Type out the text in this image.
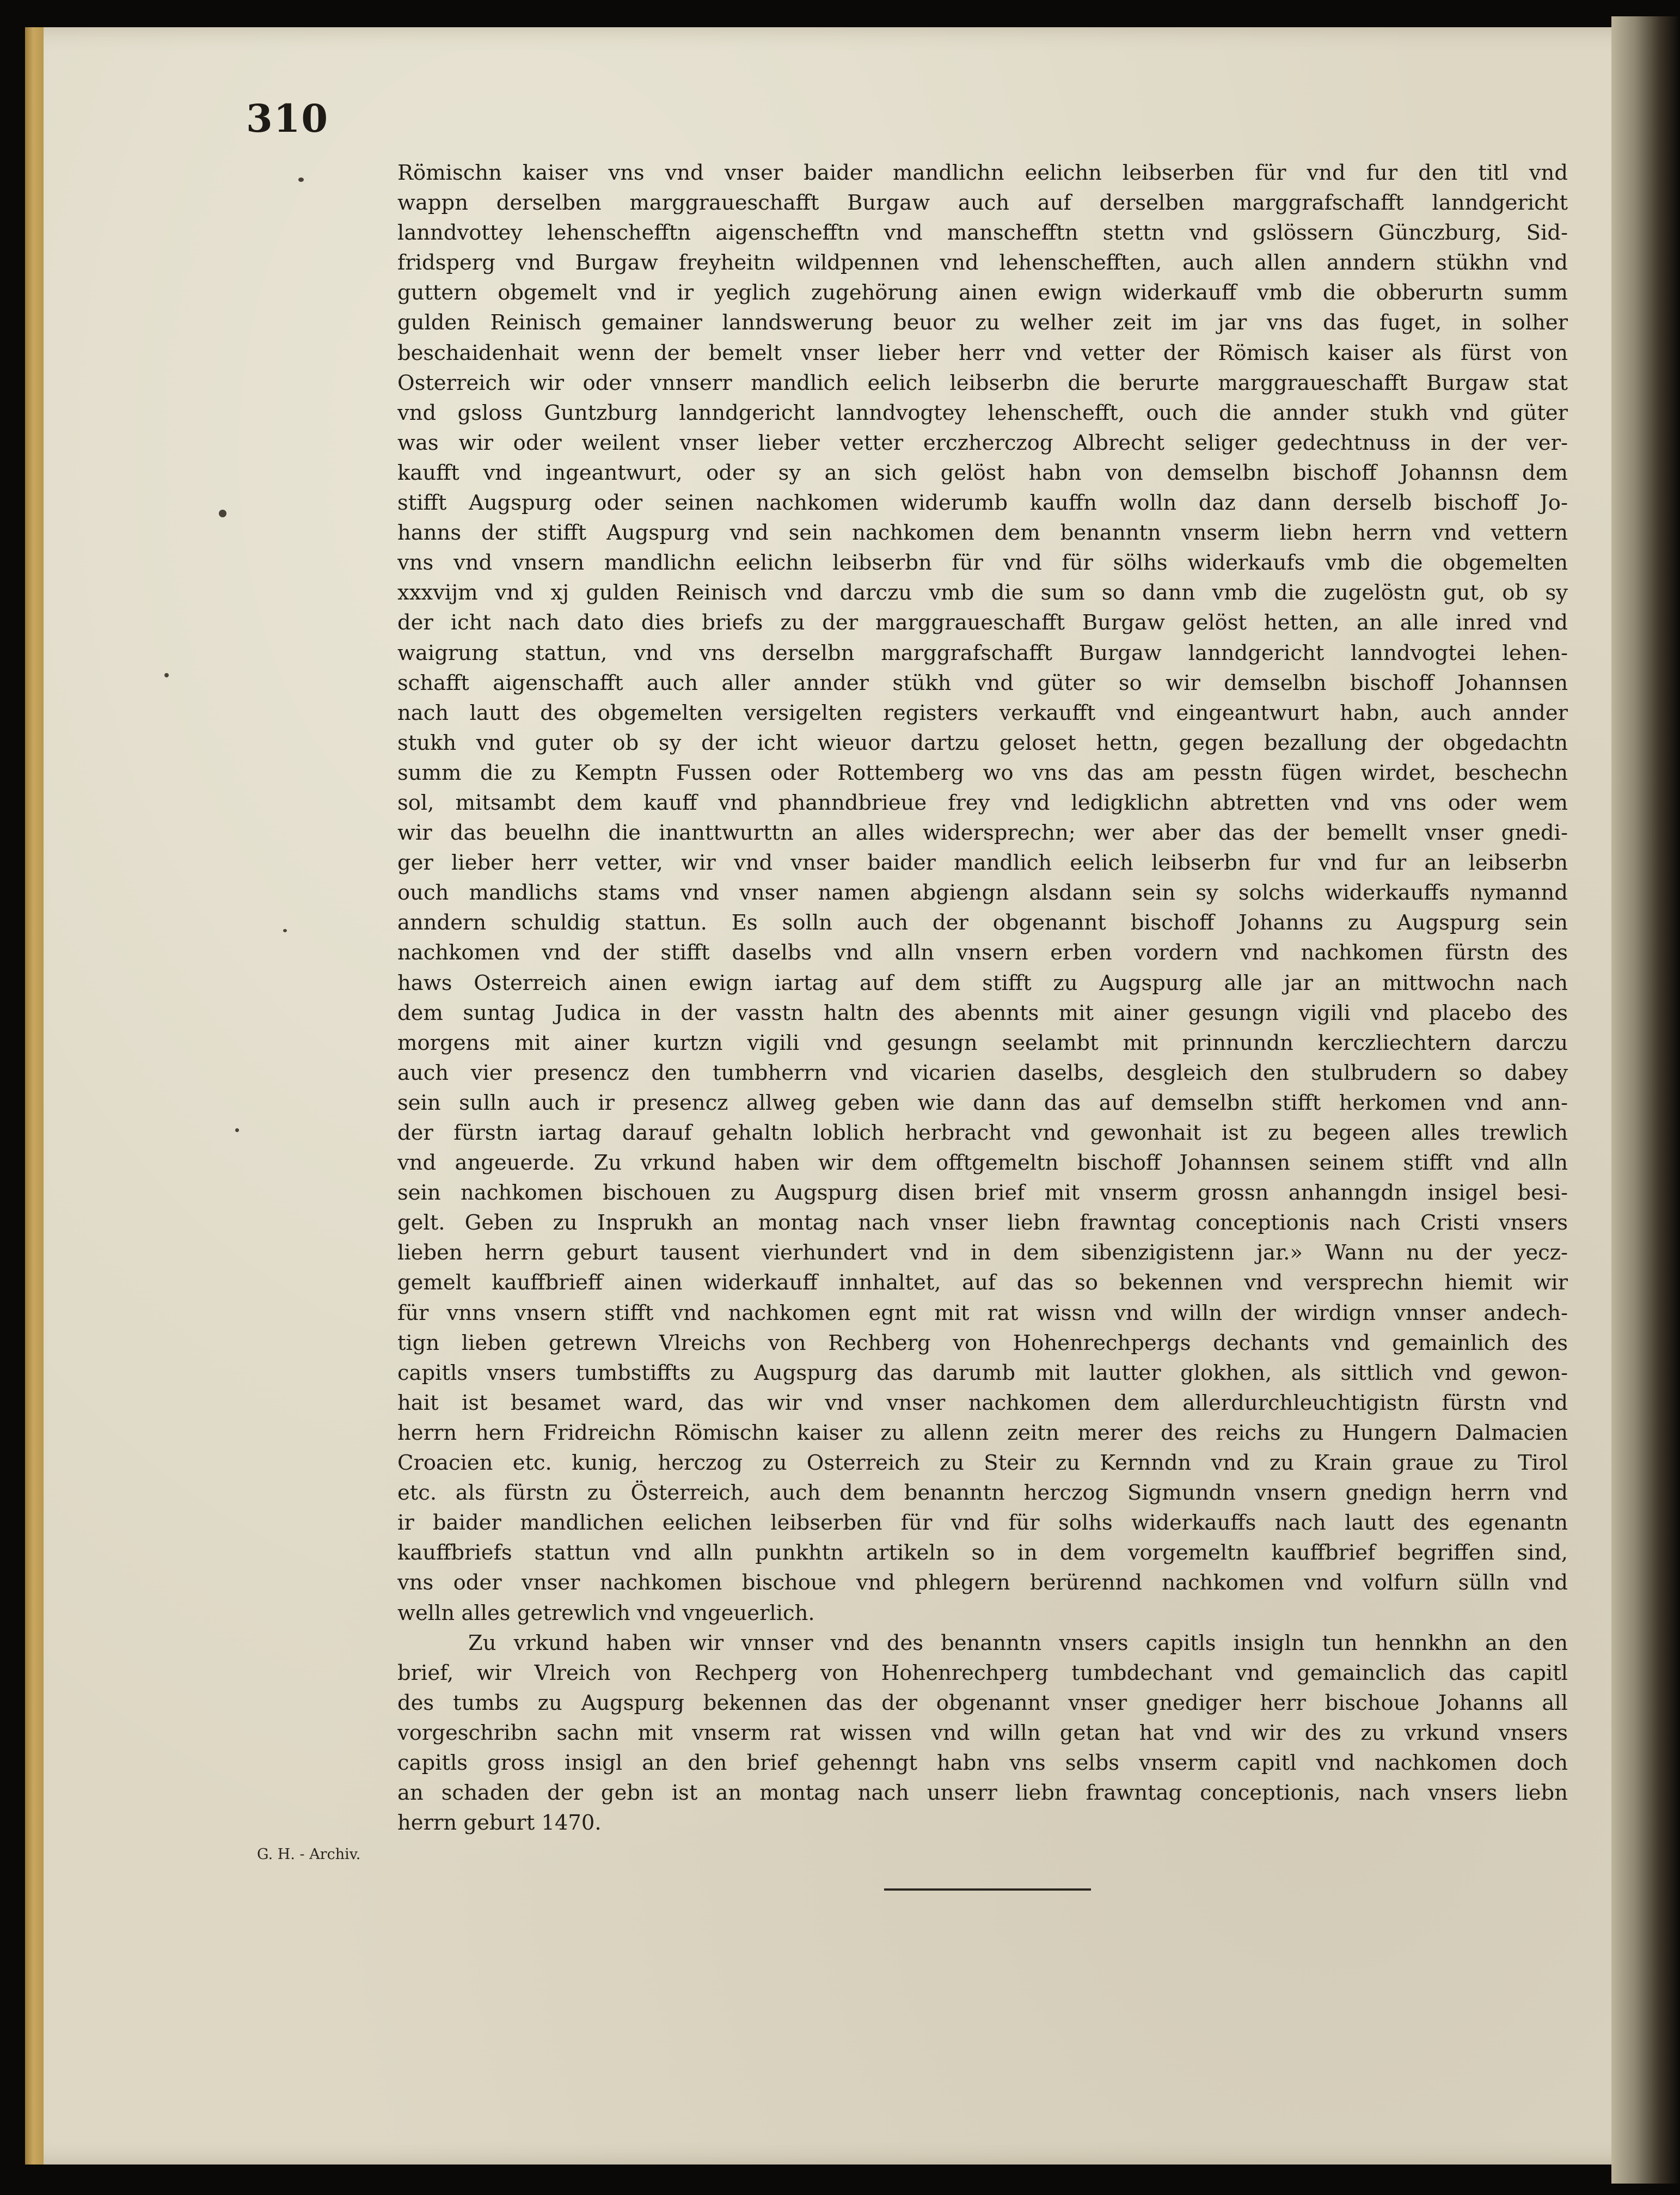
310
Römischn kaiser vns vnd vnser baider mandlichn eelichn leibserben für vnd fur den titl vnd
wappn derselben marggraueschafft Burgaw auch auf derselben marggrafschafft lanndgericht
lanndvottey lehenschefftn aigenschefftn vnd manschefftn stettn vnd gslössern Günczburg, Sid-
fridsperg vnd Burgaw freyheitn wildpennen vnd lehenschefften, auch allen anndern stükhn vnd
guttern obgemelt vnd ir yeglich zugehörung ainen ewign widerkauff vmb die obberurtn summ
gulden Reinisch gemainer lanndswerung beuor zu welher zeit im jar vns das fuget, in solher
beschaidenhait wenn der bemelt vnser lieber herr vnd vetter der Römisch kaiser als fürst von
Osterreich wir oder vnnserr mandlich eelich leibserbn die berurte marggraueschafft Burgaw stat
vnd gsloss Guntzburg lanndgericht lanndvogtey lehenschefft, ouch die annder stukh vnd güter
was wir oder weilent vnser lieber vetter erczherczog Albrecht seliger gedechtnuss in der ver-
kaufft vnd ingeantwurt, oder sy an sich gelöst habn von demselbn bischoff Johannsn dem
stifft Augspurg oder seinen nachkomen widerumb kauffn wolln daz dann derselb bischoff Jo-
hanns der stifft Augspurg vnd sein nachkomen dem benanntn vnserm liebn herrn vnd vettern
vns vnd vnsern mandlichn eelichn leibserbn für vnd für sölhs widerkaufs vmb die obgemelten
xxxvijm vnd xj gulden Reinisch vnd darczu vmb die sum so dann vmb die zugelöstn gut, ob sy
der icht nach dato dies briefs zu der marggraueschafft Burgaw gelöst hetten, an alle inred vnd
waigrung stattun, vnd vns derselbn marggrafschafft Burgaw lanndgericht lanndvogtei lehen-
schafft aigenschafft auch aller annder stükh vnd güter so wir demselbn bischoff Johannsen
nach lautt des obgemelten versigelten registers verkaufft vnd eingeantwurt habn, auch annder
stukh vnd guter ob sy der icht wieuor dartzu geloset hettn, gegen bezallung der obgedachtn
summ die zu Kemptn Fussen oder Rottemberg wo vns das am pesstn fügen wirdet, beschechn
sol, mitsambt dem kauff vnd phanndbrieue frey vnd ledigklichn abtretten vnd vns oder wem
wir das beuelhn die inanttwurttn an alles widersprechn; wer aber das der bemellt vnser gnedi-
ger lieber herr vetter, wir vnd vnser baider mandlich eelich leibserbn fur vnd fur an leibserbn
ouch mandlichs stams vnd vnser namen abgiengn alsdann sein sy solchs widerkauffs nymannd
anndern schuldig stattun. Es solln auch der obgenannt bischoff Johanns zu Augspurg sein
nachkomen vnd der stifft daselbs vnd alln vnsern erben vordern vnd nachkomen fürstn des
haws Osterreich ainen ewign iartag auf dem stifft zu Augspurg alle jar an mittwochn nach
dem suntag Judica in der vasstn haltn des abennts mit ainer gesungn vigili vnd placebo des
morgens mit ainer kurtzn vigili vnd gesungn seelambt mit prinnundn kerczliechtern darczu
auch vier presencz den tumbherrn vnd vicarien daselbs, desgleich den stulbrudern so dabey
sein sulln auch ir presencz allweg geben wie dann das auf demselbn stifft herkomen vnd ann-
der fürstn iartag darauf gehaltn loblich herbracht vnd gewonhait ist zu begeen alles trewlich
vnd angeuerde. Zu vrkund haben wir dem offtgemeltn bischoff Johannsen seinem stifft vnd alln
sein nachkomen bischouen zu Augspurg disen brief mit vnserm grossn anhanngdn insigel besi-
gelt. Geben zu Insprukh an montag nach vnser liebn frawntag conceptionis nach Cristi vnsers
lieben herrn geburt tausent vierhundert vnd in dem sibenzigistenn jar.» Wann nu der yecz-
gemelt kauffbrieff ainen widerkauff innhaltet, auf das so bekennen vnd versprechn hiemit wir
für vnns vnsern stifft vnd nachkomen egnt mit rat wissn vnd willn der wirdign vnnser andech-
tign lieben getrewn Vlreichs von Rechberg von Hohenrechpergs dechants vnd gemainlich des
capitls vnsers tumbstiffts zu Augspurg das darumb mit lautter glokhen, als sittlich vnd gewon-
hait ist besamet ward, das wir vnd vnser nachkomen dem allerdurchleuchtigistn fürstn vnd
herrn hern Fridreichn Römischn kaiser zu allenn zeitn merer des reichs zu Hungern Dalmacien
Croacien etc. kunig, herczog zu Osterreich zu Steir zu Kernndn vnd zu Krain graue zu Tirol
etc. als fürstn zu Österreich, auch dem benanntn herczog Sigmundn vnsern gnedign herrn vnd
ir baider mandlichen eelichen leibserben für vnd für solhs widerkauffs nach lautt des egenantn
kauffbriefs stattun vnd alln punkhtn artikeln so in dem vorgemeltn kauffbrief begriffen sind,
vns oder vnser nachkomen bischoue vnd phlegern berürennd nachkomen vnd volfurn sülln vnd
welln alles getrewlich vnd vngeuerlich.
Zu vrkund haben wir vnnser vnd des benanntn vnsers capitls insigln tun hennkhn an den
brief, wir Vlreich von Rechperg von Hohenrechperg tumbdechant vnd gemainclich das capitl
des tumbs zu Augspurg bekennen das der obgenannt vnser gnediger herr bischoue Johanns all
vorgeschribn sachn mit vnserm rat wissen vnd willn getan hat vnd wir des zu vrkund vnsers
capitls gross insigl an den brief gehenngt habn vns selbs vnserm capitl vnd nachkomen doch
an schaden der gebn ist an montag nach unserr liebn frawntag conceptionis, nach vnsers liebn
herrn geburt 1470.
G. H. - Archiv.
